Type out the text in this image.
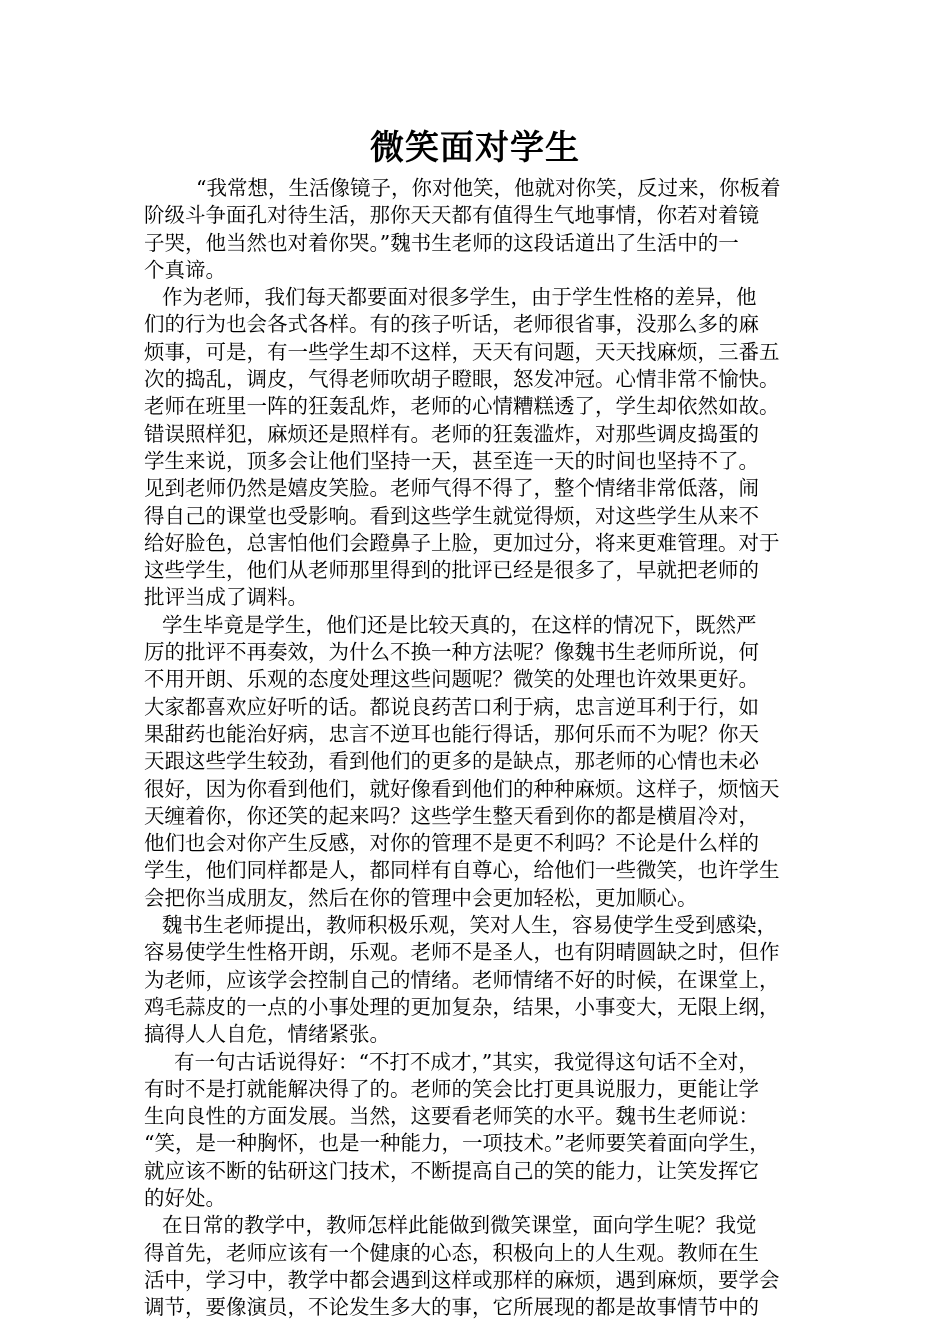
微笑面对学生
“我常想，生活像镜子，你对他笑，他就对你笑，反过来，你板着
阶级斗争面孔对待生活，那你天天都有值得生气地事情，你若对着镜
子哭，他当然也对着你哭。”魏书生老师的这段话道出了生活中的一
个真谛。
作为老师，我们每天都要面对很多学生，由于学生性格的差异，他
们的行为也会各式各样。有的孩子听话，老师很省事，没那么多的麻
烦事，可是，有一些学生却不这样，天天有问题，天天找麻烦，三番五
次的捣乱，调皮，气得老师吹胡子瞪眼，怒发冲冠。心情非常不愉快。
老师在班里一阵的狂轰乱炸，老师的心情糟糕透了，学生却依然如故。
错误照样犯，麻烦还是照样有。老师的狂轰滥炸，对那些调皮捣蛋的
学生来说，顶多会让他们坚持一天，甚至连一天的时间也坚持不了。
见到老师仍然是嬉皮笑脸。老师气得不得了，整个情绪非常低落，闹
得自己的课堂也受影响。看到这些学生就觉得烦，对这些学生从来不
给好脸色，总害怕他们会蹬鼻子上脸，更加过分，将来更难管理。对于
这些学生，他们从老师那里得到的批评已经是很多了，早就把老师的
批评当成了调料。
学生毕竟是学生，他们还是比较天真的，在这样的情况下，既然严
厉的批评不再奏效，为什么不换一种方法呢？像魏书生老师所说，何
不用开朗、乐观的态度处理这些问题呢？微笑的处理也许效果更好。
大家都喜欢应好听的话。都说良药苦口利于病，忠言逆耳利于行，如
果甜药也能治好病，忠言不逆耳也能行得话，那何乐而不为呢？你天
天跟这些学生较劲，看到他们的更多的是缺点，那老师的心情也未必
很好，因为你看到他们，就好像看到他们的种种麻烦。这样子，烦恼天
天缠着你，你还笑的起来吗？这些学生整天看到你的都是横眉冷对，
他们也会对你产生反感，对你的管理不是更不利吗？不论是什么样的
学生，他们同样都是人，都同样有自尊心，给他们一些微笑，也许学生
会把你当成朋友，然后在你的管理中会更加轻松，更加顺心。
魏书生老师提出，教师积极乐观，笑对人生，容易使学生受到感染，
容易使学生性格开朗，乐观。老师不是圣人，也有阴晴圆缺之时，但作
为老师，应该学会控制自己的情绪。老师情绪不好的时候，在课堂上，
鸡毛蒜皮的一点的小事处理的更加复杂，结果，小事变大，无限上纲，
搞得人人自危，情绪紧张。
有一句古话说得好：“不打不成才，”其实，我觉得这句话不全对，
有时不是打就能解决得了的。老师的笑会比打更具说服力，更能让学
生向良性的方面发展。当然，这要看老师笑的水平。魏书生老师说：
“笑，是一种胸怀，也是一种能力，一项技术。”老师要笑着面向学生，
就应该不断的钻研这门技术，不断提高自己的笑的能力，让笑发挥它
的好处。
在日常的教学中，教师怎样此能做到微笑课堂，面向学生呢？我觉
得首先，老师应该有一个健康的心态，积极向上的人生观。教师在生
活中，学习中，教学中都会遇到这样或那样的麻烦，遇到麻烦，要学会
调节，要像演员，不论发生多大的事，它所展现的都是故事情节中的
